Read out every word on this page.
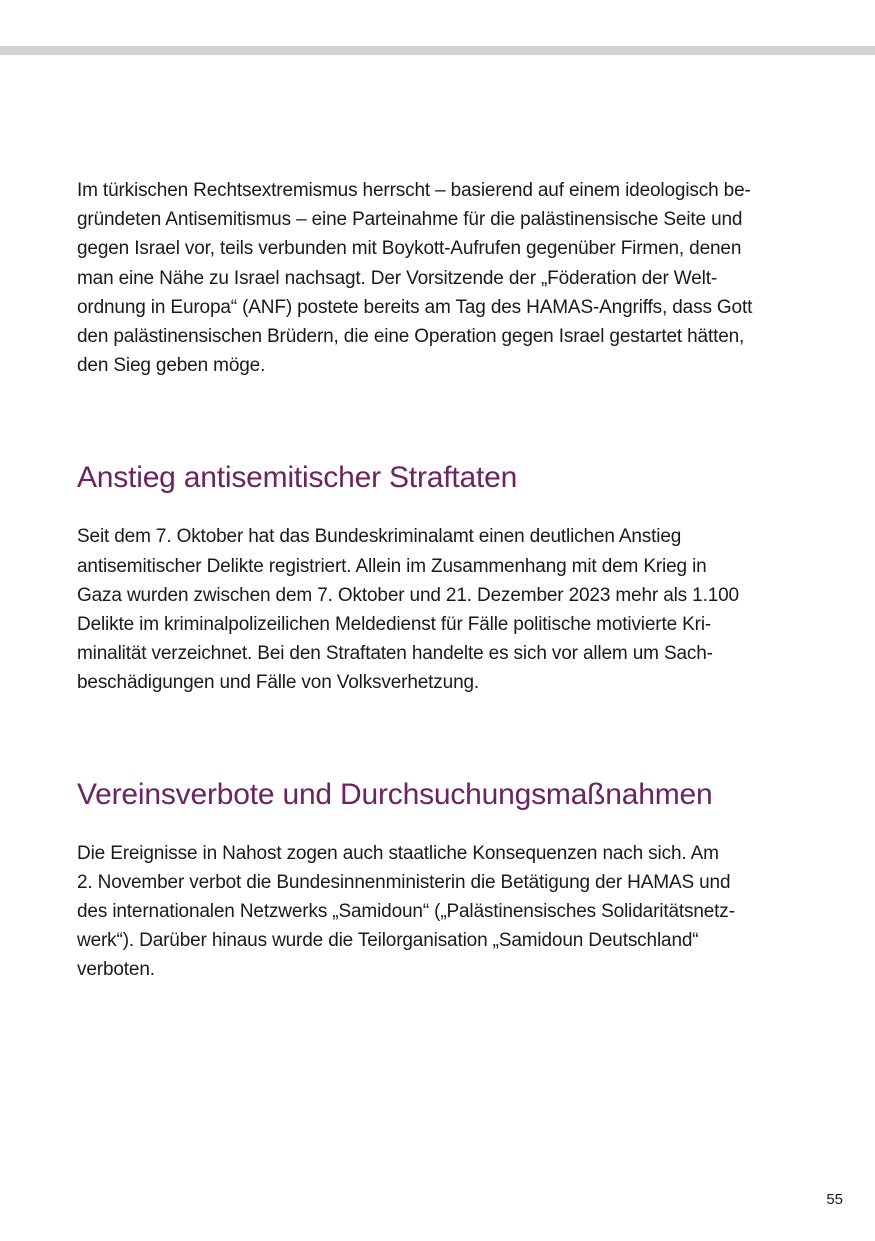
Im türkischen Rechtsextremismus herrscht – basierend auf einem ideologisch be-
gründeten Antisemitismus – eine Parteinahme für die palästinensische Seite und
gegen Israel vor, teils verbunden mit Boykott-Aufrufen gegenüber Firmen, denen
man eine Nähe zu Israel nachsagt. Der Vorsitzende der „Föderation der Welt-
ordnung in Europa“ (ANF) postete bereits am Tag des HAMAS-Angriffs, dass Gott
den palästinensischen Brüdern, die eine Operation gegen Israel gestartet hätten,
den Sieg geben möge.

Anstieg antisemitischer Straftaten

Seit dem 7. Oktober hat das Bundeskriminalamt einen deutlichen Anstieg
antisemitischer Delikte registriert. Allein im Zusammenhang mit dem Krieg in
Gaza wurden zwischen dem 7. Oktober und 21. Dezember 2023 mehr als 1.100
Delikte im kriminalpolizeilichen Meldedienst für Fälle politische motivierte Kri-
minalität verzeichnet. Bei den Straftaten handelte es sich vor allem um Sach-
beschädigungen und Fälle von Volksverhetzung.

Vereinsverbote und Durchsuchungsmaßnahmen

Die Ereignisse in Nahost zogen auch staatliche Konsequenzen nach sich. Am
2. November verbot die Bundesinnenministerin die Betätigung der HAMAS und
des internationalen Netzwerks „Samidoun“ („Palästinensisches Solidaritätsnetz-
werk“). Darüber hinaus wurde die Teilorganisation „Samidoun Deutschland“
verboten.

55
